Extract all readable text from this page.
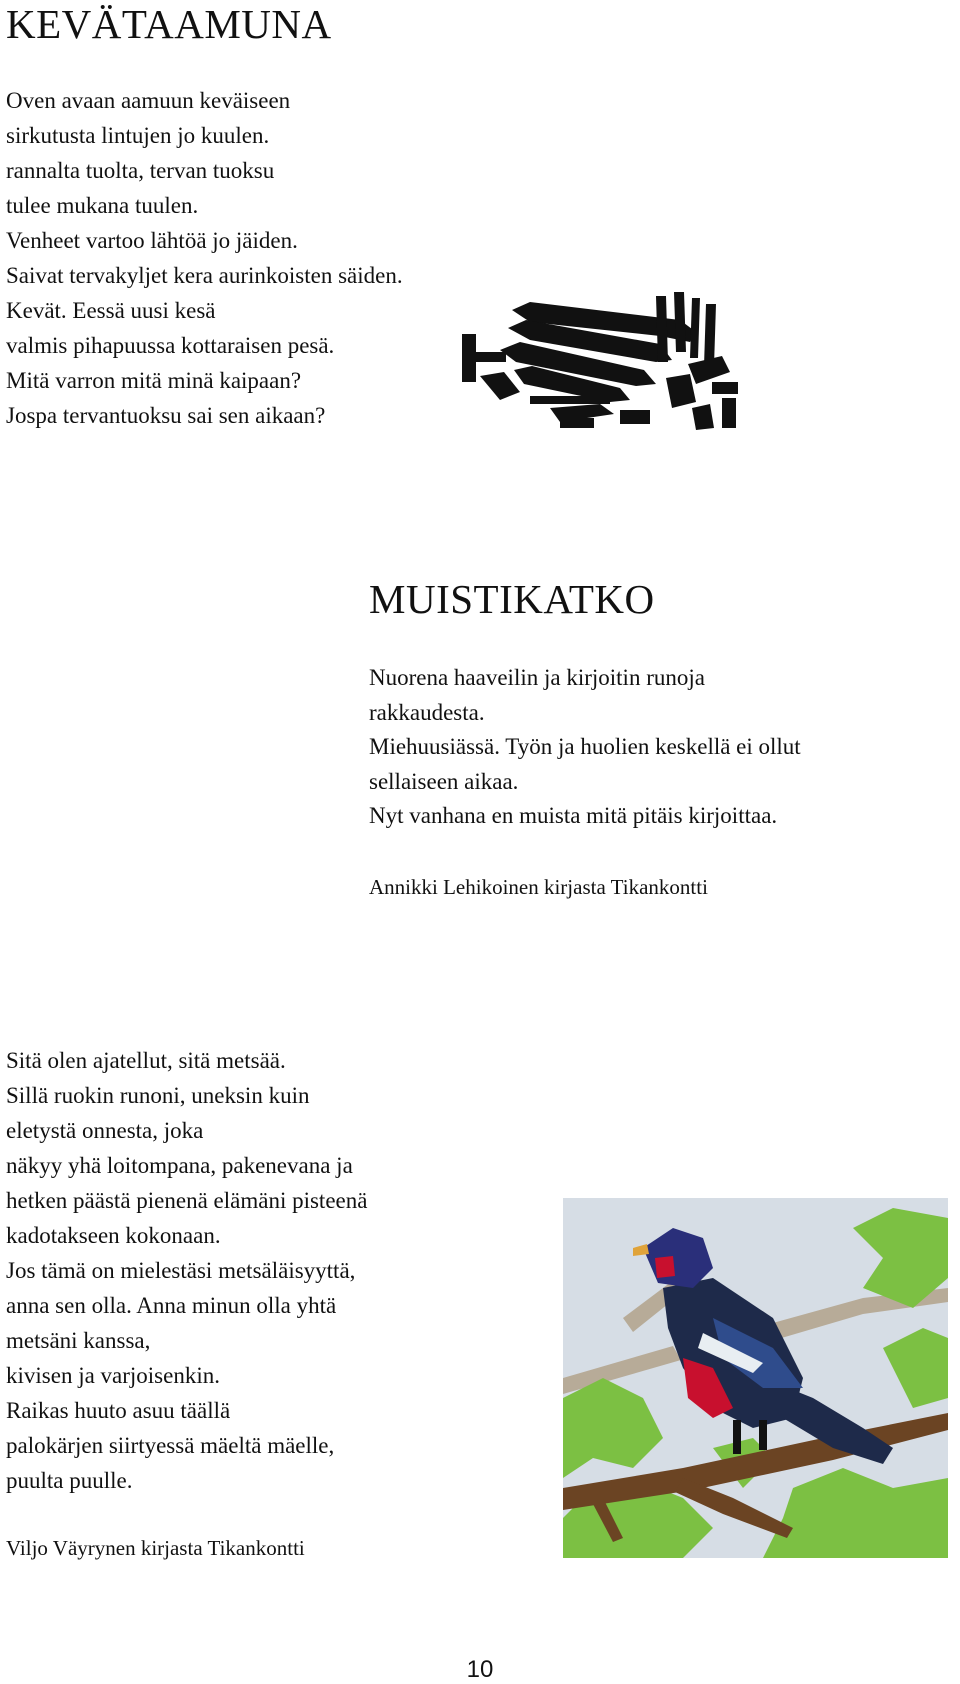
KEVÄTAAMUNA
Oven avaan aamuun keväiseen
sirkutusta lintujen jo kuulen.
rannalta tuolta, tervan tuoksu
tulee mukana tuulen.
Venheet vartoo lähtöä jo jäiden.
Saivat tervakyljet kera aurinkoisten säiden.
Kevät. Eessä uusi kesä
valmis pihapuussa kottaraisen pesä.
Mitä varron mitä minä kaipaan?
Jospa tervantuoksu sai sen aikaan?
MUISTIKATKO
Nuorena haaveilin ja kirjoitin runoja
rakkaudesta.
Miehuusiässä. Työn ja huolien keskellä ei ollut
sellaiseen aikaa.
Nyt vanhana en muista mitä pitäis kirjoittaa.

Annikki Lehikoinen kirjasta Tikankontti

Sitä olen ajatellut, sitä metsää.
Sillä ruokin runoni, uneksin kuin
eletystä onnesta, joka
näkyy yhä loitompana, pakenevana ja
hetken päästä pienenä elämäni pisteenä
kadotakseen kokonaan.
Jos tämä on mielestäsi metsäläisyyttä,
anna sen olla. Anna minun olla yhtä
metsäni kanssa,
kivisen ja varjoisenkin.
Raikas huuto asuu täällä
palokärjen siirtyessä mäeltä mäelle,
puulta puulle.

Viljo Väyrynen kirjasta Tikankontti

10
